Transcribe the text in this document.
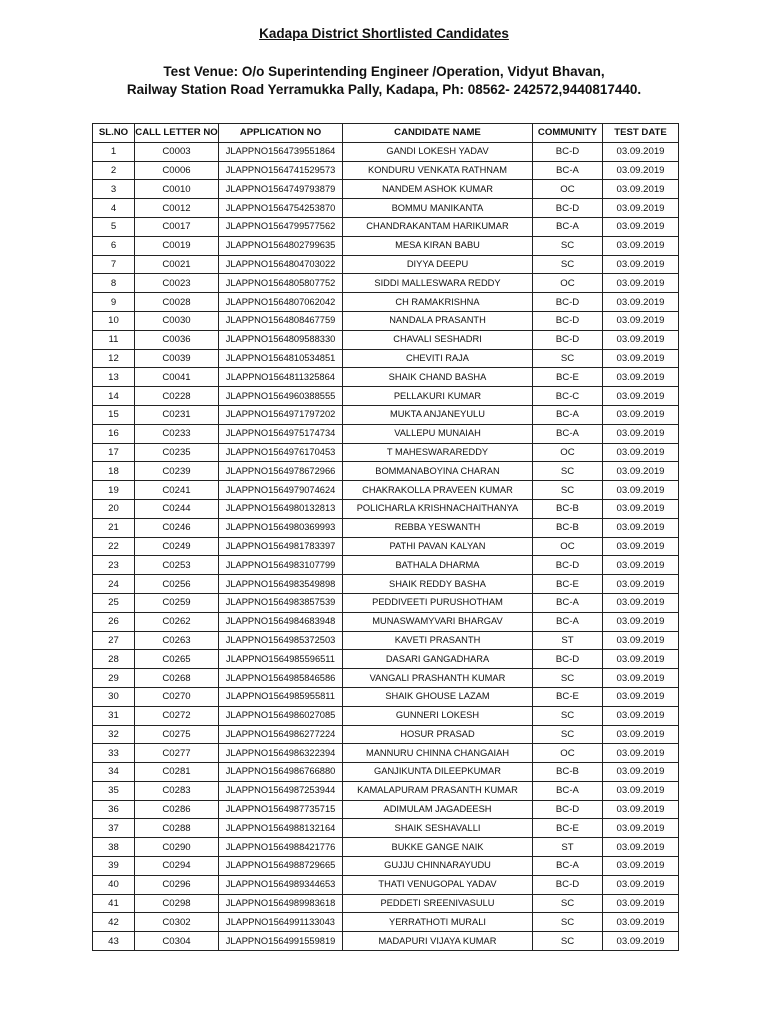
Kadapa District Shortlisted Candidates
Test Venue: O/o Superintending Engineer /Operation, Vidyut Bhavan,
Railway Station Road Yerramukka Pally, Kadapa, Ph: 08562- 242572,9440817440.
SL.NO	CALL LETTER NO	APPLICATION NO	CANDIDATE NAME	COMMUNITY	TEST DATE
1	C0003	JLAPPNO1564739551864	GANDI LOKESH YADAV	BC-D	03.09.2019
2	C0006	JLAPPNO1564741529573	KONDURU VENKATA RATHNAM	BC-A	03.09.2019
3	C0010	JLAPPNO1564749793879	NANDEM ASHOK KUMAR	OC	03.09.2019
4	C0012	JLAPPNO1564754253870	BOMMU MANIKANTA	BC-D	03.09.2019
5	C0017	JLAPPNO1564799577562	CHANDRAKANTAM HARIKUMAR	BC-A	03.09.2019
6	C0019	JLAPPNO1564802799635	MESA KIRAN BABU	SC	03.09.2019
7	C0021	JLAPPNO1564804703022	DIYYA DEEPU	SC	03.09.2019
8	C0023	JLAPPNO1564805807752	SIDDI MALLESWARA REDDY	OC	03.09.2019
9	C0028	JLAPPNO1564807062042	CH RAMAKRISHNA	BC-D	03.09.2019
10	C0030	JLAPPNO1564808467759	NANDALA PRASANTH	BC-D	03.09.2019
11	C0036	JLAPPNO1564809588330	CHAVALI SESHADRI	BC-D	03.09.2019
12	C0039	JLAPPNO1564810534851	CHEVITI RAJA	SC	03.09.2019
13	C0041	JLAPPNO1564811325864	SHAIK CHAND BASHA	BC-E	03.09.2019
14	C0228	JLAPPNO1564960388555	PELLAKURI KUMAR	BC-C	03.09.2019
15	C0231	JLAPPNO1564971797202	MUKTA ANJANEYULU	BC-A	03.09.2019
16	C0233	JLAPPNO1564975174734	VALLEPU MUNAIAH	BC-A	03.09.2019
17	C0235	JLAPPNO1564976170453	T MAHESWARAREDDY	OC	03.09.2019
18	C0239	JLAPPNO1564978672966	BOMMANABOYINA CHARAN	SC	03.09.2019
19	C0241	JLAPPNO1564979074624	CHAKRAKOLLA PRAVEEN KUMAR	SC	03.09.2019
20	C0244	JLAPPNO1564980132813	POLICHARLA KRISHNACHAITHANYA	BC-B	03.09.2019
21	C0246	JLAPPNO1564980369993	REBBA YESWANTH	BC-B	03.09.2019
22	C0249	JLAPPNO1564981783397	PATHI PAVAN KALYAN	OC	03.09.2019
23	C0253	JLAPPNO1564983107799	BATHALA DHARMA	BC-D	03.09.2019
24	C0256	JLAPPNO1564983549898	SHAIK REDDY BASHA	BC-E	03.09.2019
25	C0259	JLAPPNO1564983857539	PEDDIVEETI PURUSHOTHAM	BC-A	03.09.2019
26	C0262	JLAPPNO1564984683948	MUNASWAMYVARI BHARGAV	BC-A	03.09.2019
27	C0263	JLAPPNO1564985372503	KAVETI PRASANTH	ST	03.09.2019
28	C0265	JLAPPNO1564985596511	DASARI GANGADHARA	BC-D	03.09.2019
29	C0268	JLAPPNO1564985846586	VANGALI PRASHANTH KUMAR	SC	03.09.2019
30	C0270	JLAPPNO1564985955811	SHAIK GHOUSE LAZAM	BC-E	03.09.2019
31	C0272	JLAPPNO1564986027085	GUNNERI LOKESH	SC	03.09.2019
32	C0275	JLAPPNO1564986277224	HOSUR PRASAD	SC	03.09.2019
33	C0277	JLAPPNO1564986322394	MANNURU CHINNA CHANGAIAH	OC	03.09.2019
34	C0281	JLAPPNO1564986766880	GANJIKUNTA DILEEPKUMAR	BC-B	03.09.2019
35	C0283	JLAPPNO1564987253944	KAMALAPURAM PRASANTH KUMAR	BC-A	03.09.2019
36	C0286	JLAPPNO1564987735715	ADIMULAM JAGADEESH	BC-D	03.09.2019
37	C0288	JLAPPNO1564988132164	SHAIK SESHAVALLI	BC-E	03.09.2019
38	C0290	JLAPPNO1564988421776	BUKKE GANGE NAIK	ST	03.09.2019
39	C0294	JLAPPNO1564988729665	GUJJU CHINNARAYUDU	BC-A	03.09.2019
40	C0296	JLAPPNO1564989344653	THATI VENUGOPAL YADAV	BC-D	03.09.2019
41	C0298	JLAPPNO1564989983618	PEDDETI SREENIVASULU	SC	03.09.2019
42	C0302	JLAPPNO1564991133043	YERRATHOTI MURALI	SC	03.09.2019
43	C0304	JLAPPNO1564991559819	MADAPURI VIJAYA KUMAR	SC	03.09.2019
